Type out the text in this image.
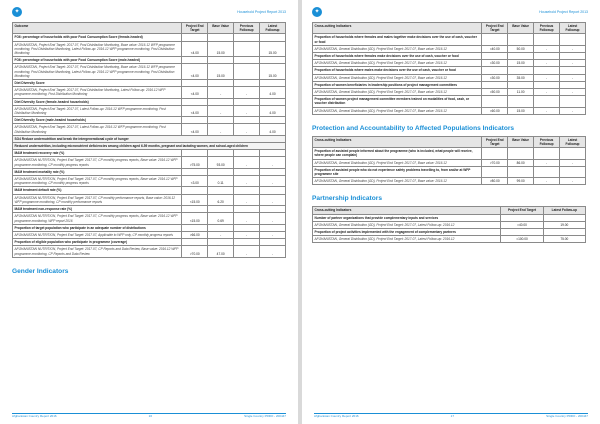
✦	Household Project Report 2013
Outcome	Project End Target	Base Value	Previous Followup	Latest Followup
FO6: percentage of households with poor Food Consumption Score (female-headed)				
AFGHANISTAN, Project End Target: 2017.07, Post Distribution Monitoring, Base value: 2016.12 WFP programme monitoring, Post Distribution Monitoring, Latest Follow-up: 2016.12 WFP programme monitoring, Post Distribution Monitoring	<4.00	15.00		15.00
FO6: percentage of households with poor Food Consumption Score (male-headed)				
AFGHANISTAN, Project End Target: 2017.07, Post Distribution Monitoring, Base value: 2016.12 WFP programme monitoring, Post Distribution Monitoring, Latest Follow-up: 2016.12 WFP programme monitoring, Post Distribution Monitoring	<4.00	15.00		15.00
Diet Diversity Score				
AFGHANISTAN, Project End Target: 2017.07, Post Distribution Monitoring, Latest Follow-up: 2016.12 WFP programme monitoring, Post Distribution Monitoring	<4.00	-	-	4.00
Diet Diversity Score (female-headed households)				
AFGHANISTAN, Project End Target: 2017.07, Latest Follow-up: 2016.12 WFP programme monitoring, Post Distribution Monitoring	<4.00	-	-	4.00
Diet Diversity Score (male-headed households)				
AFGHANISTAN, Project End Target: 2017.07, Latest Follow-up: 2016.12 WFP programme monitoring, Post Distribution Monitoring	<4.00	-	-	4.00
SO4 Reduce undernutrition and break the intergenerational cycle of hunger				
Reduced undernutrition, including micronutrient deficiencies among children aged 6-59 months, pregnant and lactating women, and school-aged children				
MAM treatment recovery rate (%)				
AFGHANISTAN NUTRITION, Project End Target: 2017.07, CP monthly progress reports, Base value: 2016.12 WFP programme monitoring, CP monthly progress reports	>75.00	93.00	-	-
MAM treatment mortality rate (%)				
AFGHANISTAN NUTRITION, Project End Target: 2017.07, CP monthly progress reports, Base value: 2016.12 WFP programme monitoring, CP monthly progress reports	<3.00	0.11	-	-
MAM treatment default rate (%)				
AFGHANISTAN NUTRITION, Project End Target: 2017.07, CP monthly performance reports, Base value: 2016.12 WFP programme monitoring, CP monthly performance reports	<15.00	6.20	-	-
MAM treatment non-response rate (%)				
AFGHANISTAN NUTRITION, Project End Target: 2017.07, CP monthly progress reports, Base value: 2016.12 WFP programme monitoring, WFP report 2016	<15.00	0.69	-	-
Proportion of target population who participate in an adequate number of distributions				
AFGHANISTAN NUTRITION, Project End Target: 2017.07, Applicable to WFP only, CP monthly progress reports	>66.00	-	-	-
Proportion of eligible population who participate in programme (coverage)				
AFGHANISTAN NUTRITION, Project End Target: 2017.07, CP Reports and Data Review, Base value: 2016.12 WFP programme monitoring, CP Reports and Data Review	>70.00	47.00	-	-
Gender Indicators
Afghanistan Country Report 2016	16	Single Country PRRO - 200447
✦	Household Project Report 2013
Cross-cutting Indicators	Project End Target	Base Value	Previous Followup	Latest Followup
Proportion of households where females and males together make decisions over the use of cash, voucher or food				
AFGHANISTAN, General Distribution (GD), Project End Target: 2017.07, Base value: 2016.12	=40.00	50.00	-	-
Proportion of households where females make decisions over the use of cash, voucher or food				
AFGHANISTAN, General Distribution (GD), Project End Target: 2017.07, Base value: 2016.12	=30.00	15.00	-	-
Proportion of households where males make decisions over the use of cash, voucher or food				
AFGHANISTAN, General Distribution (GD), Project End Target: 2017.07, Base value: 2016.12	=30.00	35.00	-	-
Proportion of women beneficiaries in leadership positions of project management committees				
AFGHANISTAN, General Distribution (GD), Project End Target: 2017.07, Base value: 2016.12	=50.00	11.00	-	-
Proportion of women project management committee members trained on modalities of food, cash, or voucher distribution				
AFGHANISTAN, General Distribution (GD), Project End Target: 2017.07, Base value: 2016.12	=60.00	15.00	-	-
Protection and Accountability to Affected Populations Indicators
Cross-cutting Indicators	Project End Target	Base Value	Previous Followup	Latest Followup
Proportion of assisted people informed about the programme (who is included, what people will receive, where people can complain)				
AFGHANISTAN, General Distribution (GD), Project End Target: 2017.07, Base value: 2016.12	>70.00	86.00	-	-
Proportion of assisted people who do not experience safety problems travelling to, from and/or at WFP programme site				
AFGHANISTAN, General Distribution (GD), Project End Target: 2017.07, Base value: 2016.12	>80.00	99.00	-	-
Partnership Indicators
Cross-cutting Indicators	Project End Target	Latest Follow-up
Number of partner organizations that provide complementary inputs and services		
AFGHANISTAN, General Distribution (GD), Project End Target: 2017.07, Latest Follow-up: 2016.12	=40.00	19.00
Proportion of project activities implemented with the engagement of complementary partners		
AFGHANISTAN, General Distribution (GD), Project End Target: 2017.07, Latest Follow-up: 2016.12	=100.00	75.00
Afghanistan Country Report 2016	17	Single Country PRRO - 200447
